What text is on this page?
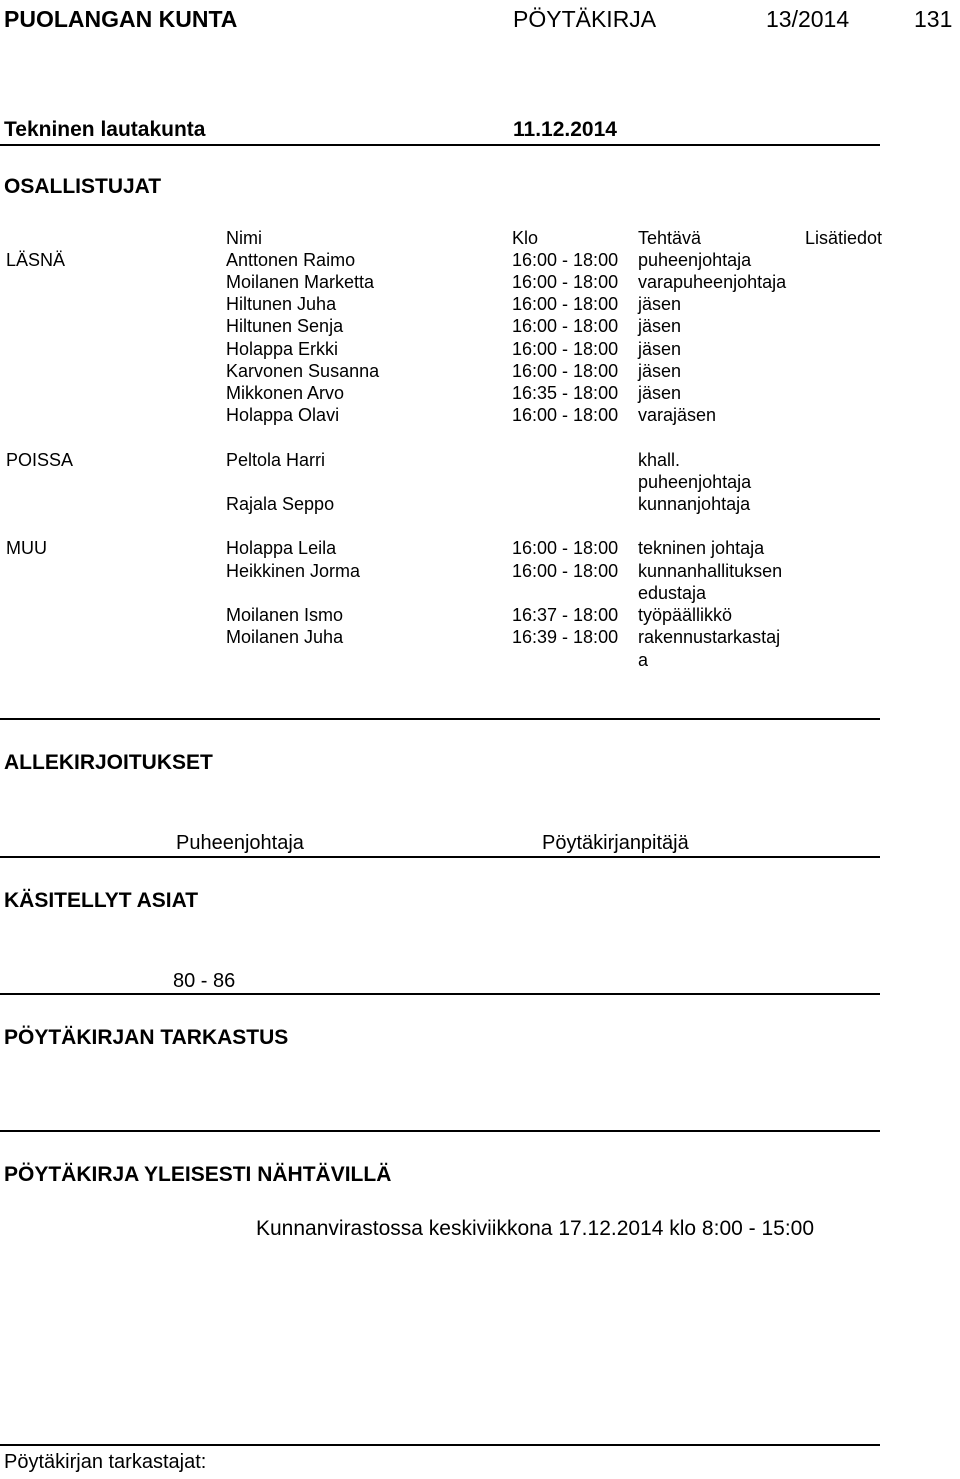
PUOLANGAN KUNTA	PÖYTÄKIRJA	13/2014	131
Tekninen lautakunta	11.12.2014
OSALLISTUJAT
Nimi	Klo	Tehtävä	Lisätiedot
LÄSNÄ	Anttonen Raimo	16:00 - 18:00 puheenjohtaja
Moilanen Marketta	16:00 - 18:00 varapuheenjohtaja
Hiltunen Juha	16:00 - 18:00 jäsen
Hiltunen Senja	16:00 - 18:00 jäsen
Holappa Erkki	16:00 - 18:00 jäsen
Karvonen Susanna	16:00 - 18:00 jäsen
Mikkonen Arvo	16:35 - 18:00 jäsen
Holappa Olavi	16:00 - 18:00 varajäsen
POISSA	Peltola Harri	khall.
puheenjohtaja
Rajala Seppo	kunnanjohtaja
MUU	Holappa Leila	16:00 - 18:00 tekninen johtaja
Heikkinen Jorma	16:00 - 18:00 kunnanhallituksen
edustaja
Moilanen Ismo	16:37 - 18:00 työpäällikkö
Moilanen Juha	16:39 - 18:00 rakennustarkastaj
a
ALLEKIRJOITUKSET
Puheenjohtaja	Pöytäkirjanpitäjä
KÄSITELLYT ASIAT
80 - 86
PÖYTÄKIRJAN TARKASTUS
PÖYTÄKIRJA YLEISESTI NÄHTÄVILLÄ
Kunnanvirastossa keskiviikkona 17.12.2014 klo 8:00 - 15:00
Pöytäkirjan tarkastajat:
